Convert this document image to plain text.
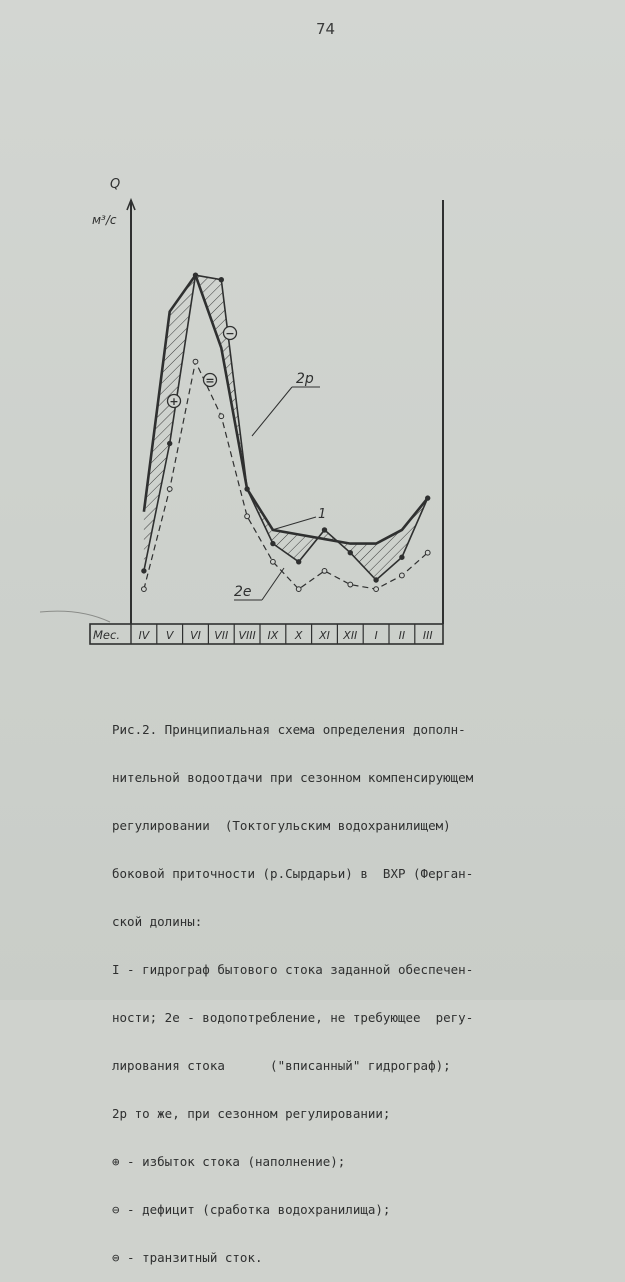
74
Q
м³/с
Мес. IV V VI VII VIII IX X XI XII I II III
1
2р
2е
+
−
=

Рис.2. Принципиальная схема определения дополн-

нительной водоотдачи при сезонном компенсирующем

регулировании  (Токтогульским водохранилищем)

боковой приточности (р.Сырдарьи) в  ВХР (Ферган-

ской долины:

I - гидрограф бытового стока заданной обеспечен-

ности; 2е - водопотребление, не требующее  регу-

лирования стока      ("вписанный" гидрограф);

2р то же, при сезонном регулировании;

⊕ - избыток стока (наполнение);

⊖ - дефицит (сработка водохранилища);

⊜ - транзитный сток.
